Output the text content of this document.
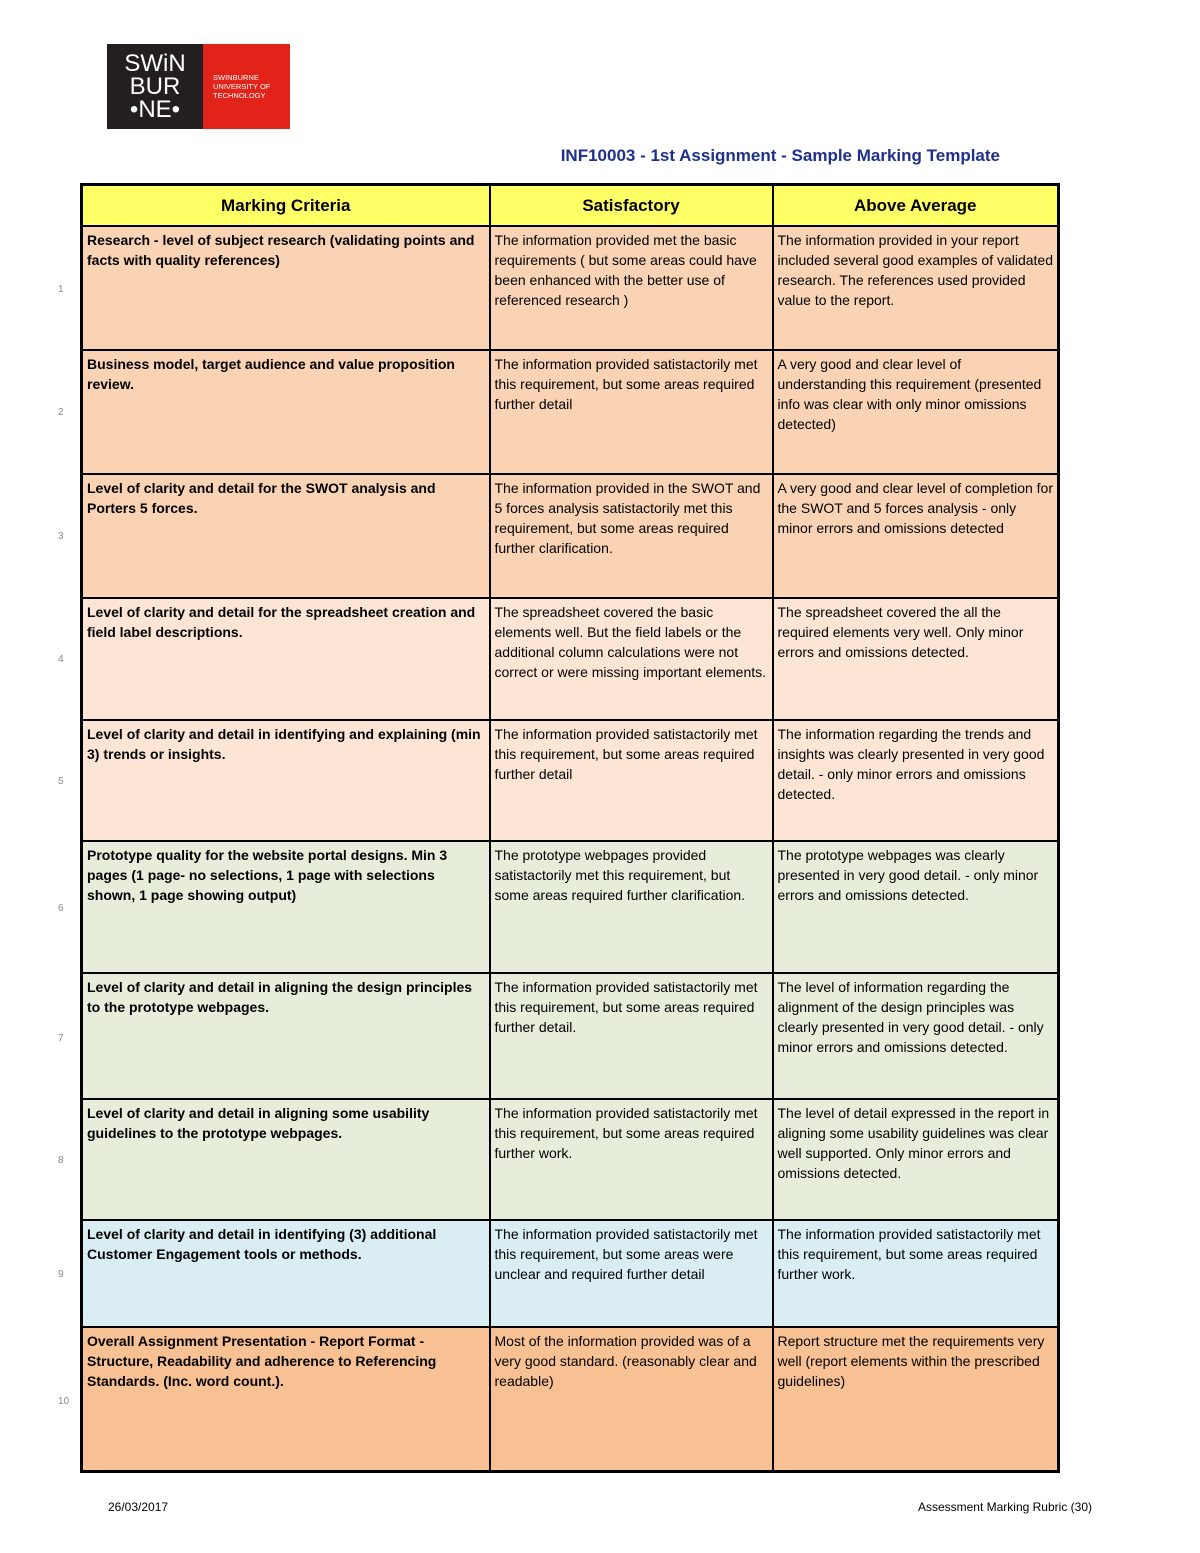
SWiN
BUR
•NE•
SWINBURNE
UNIVERSITY OF
TECHNOLOGY
INF10003 - 1st Assignment - Sample Marking Template
Marking Criteria	Satisfactory	Above Average
Research - level of subject research (validating points and facts with quality references)	The information provided met the basic requirements ( but some areas could have been enhanced with the better use of referenced research )	The information provided in your report included several good examples of validated research. The references used provided value to the report.
Business model, target audience and value proposition review.	The information provided satistactorily met this requirement, but some areas required further detail	A very good and clear level of understanding this requirement (presented info was clear with only minor omissions detected)
Level of clarity and detail for the SWOT analysis and Porters 5 forces.	The information provided in the SWOT and 5 forces analysis satistactorily met this requirement, but some areas required further clarification.	A very good and clear level of completion for the SWOT and 5 forces analysis - only minor errors and omissions detected
Level of clarity and detail for the spreadsheet creation and field label descriptions.	The spreadsheet covered the basic elements well. But the field labels or the additional column calculations were not correct or were missing important elements.	The spreadsheet covered the all the required elements very well. Only minor errors and omissions detected.
Level of clarity and detail in identifying and explaining (min 3) trends or insights.	The information provided satistactorily met this requirement, but some areas required further detail	The information regarding the trends and insights was clearly presented in very good detail. - only minor errors and omissions detected.
Prototype quality for the website portal designs. Min 3 pages (1 page- no selections, 1 page with selections shown, 1 page showing output)	The prototype webpages provided satistactorily met this requirement, but some areas required further clarification.	The prototype webpages was clearly presented in very good detail. - only minor errors and omissions detected.
Level of clarity and detail in aligning the design principles to the prototype webpages.	The information provided satistactorily met this requirement, but some areas required further detail.	The level of information regarding the alignment of the design principles was clearly presented in very good detail. - only minor errors and omissions detected.
Level of clarity and detail in aligning some usability guidelines to the prototype webpages.	The information provided satistactorily met this requirement, but some areas required further work.	The level of detail expressed in the report in aligning some usability guidelines was clear well supported. Only minor errors and omissions detected.
Level of clarity and detail in identifying (3) additional Customer Engagement tools or methods.	The information provided satistactorily met this requirement, but some areas were unclear and required further detail	The information provided satistactorily met this requirement, but some areas required further work.
Overall Assignment Presentation - Report Format - Structure, Readability and adherence to Referencing Standards. (Inc. word count.).	Most of the information provided was of a very good standard. (reasonably clear and readable)	Report structure met the requirements very well (report elements within the prescribed guidelines)
1
2
3
4
5
6
7
8
9
10
26/03/2017	Assessment Marking Rubric (30)
